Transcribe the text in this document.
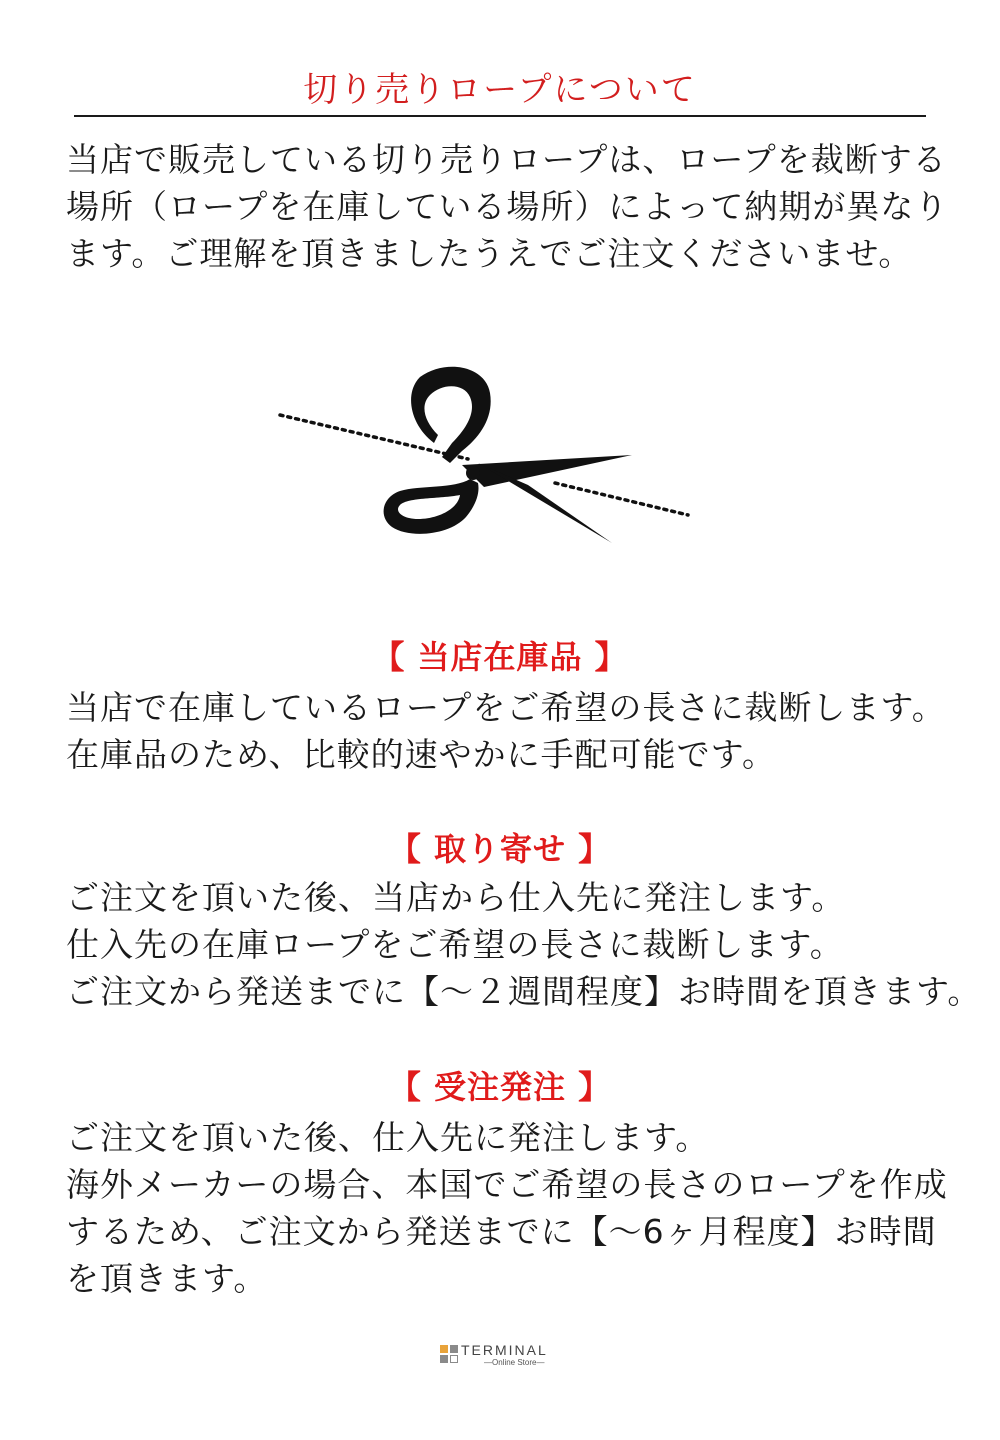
切り売りロープについて

当店で販売している切り売りロープは、ロープを裁断する
場所（ロープを在庫している場所）によって納期が異なり
ます。ご理解を頂きましたうえでご注文くださいませ。

【 当店在庫品 】

当店で在庫しているロープをご希望の長さに裁断します。
在庫品のため、比較的速やかに手配可能です。

【 取り寄せ 】

ご注文を頂いた後、当店から仕入先に発注します。
仕入先の在庫ロープをご希望の長さに裁断します。
ご注文から発送までに【～２週間程度】お時間を頂きます。

【 受注発注 】

ご注文を頂いた後、仕入先に発注します。
海外メーカーの場合、本国でご希望の長さのロープを作成
するため、ご注文から発送までに【～6ヶ月程度】お時間
を頂きます。

TERMINAL
—Online Store—
